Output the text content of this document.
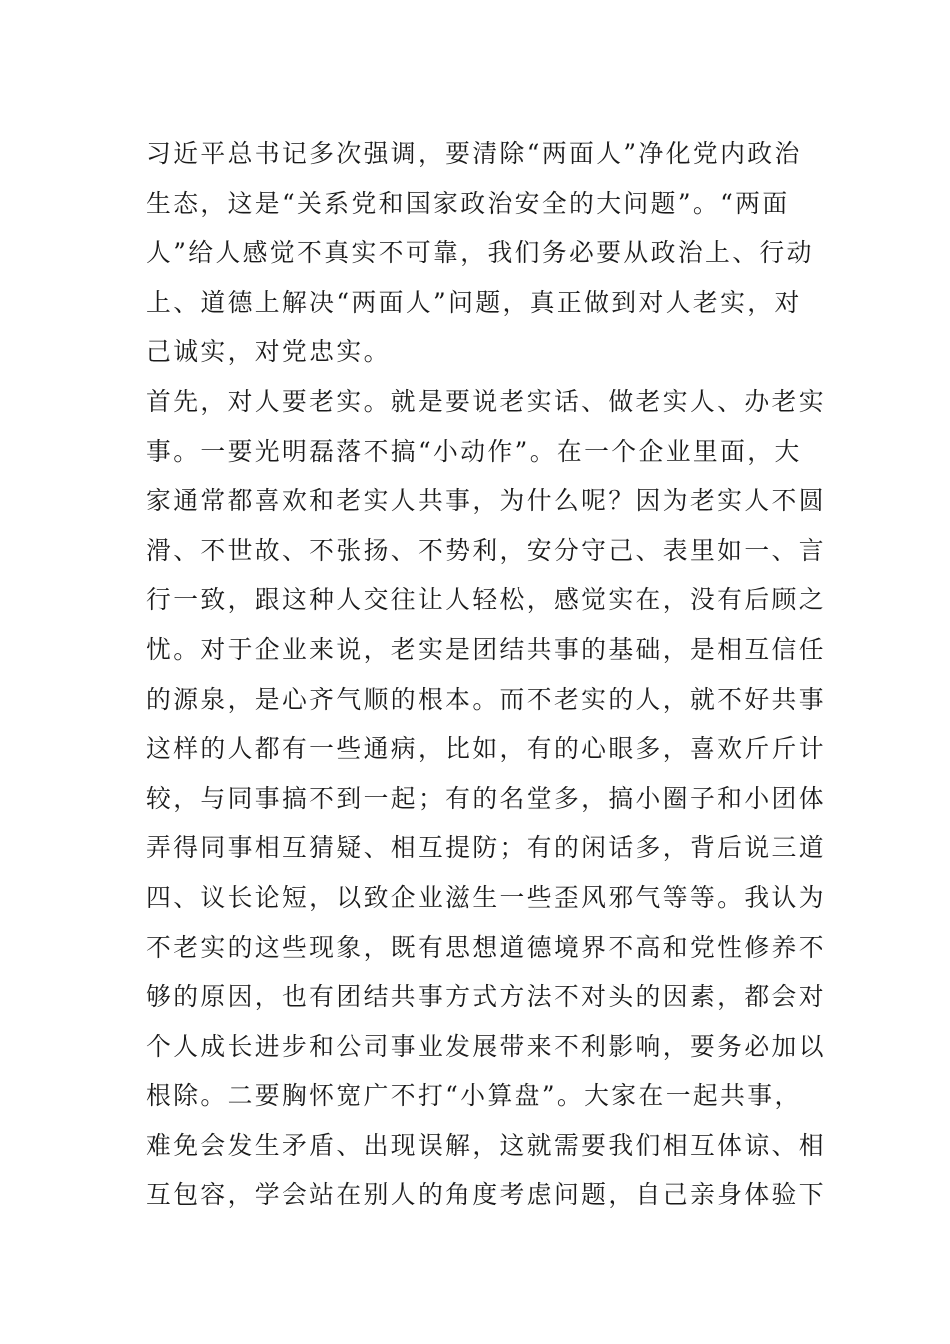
习近平总书记多次强调，要清除“两面人”净化党内政治
生态，这是“关系党和国家政治安全的大问题”。“两面
人”给人感觉不真实不可靠，我们务必要从政治上、行动
上、道德上解决“两面人”问题，真正做到对人老实，对
己诚实，对党忠实。
首先，对人要老实。就是要说老实话、做老实人、办老实
事。一要光明磊落不搞“小动作”。在一个企业里面，大
家通常都喜欢和老实人共事，为什么呢？因为老实人不圆
滑、不世故、不张扬、不势利，安分守己、表里如一、言
行一致，跟这种人交往让人轻松，感觉实在，没有后顾之
忧。对于企业来说，老实是团结共事的基础，是相互信任
的源泉，是心齐气顺的根本。而不老实的人，就不好共事
这样的人都有一些通病，比如，有的心眼多，喜欢斤斤计
较，与同事搞不到一起；有的名堂多，搞小圈子和小团体
弄得同事相互猜疑、相互提防；有的闲话多，背后说三道
四、议长论短，以致企业滋生一些歪风邪气等等。我认为
不老实的这些现象，既有思想道德境界不高和党性修养不
够的原因，也有团结共事方式方法不对头的因素，都会对
个人成长进步和公司事业发展带来不利影响，要务必加以
根除。二要胸怀宽广不打“小算盘”。大家在一起共事，
难免会发生矛盾、出现误解，这就需要我们相互体谅、相
互包容，学会站在别人的角度考虑问题，自己亲身体验下
